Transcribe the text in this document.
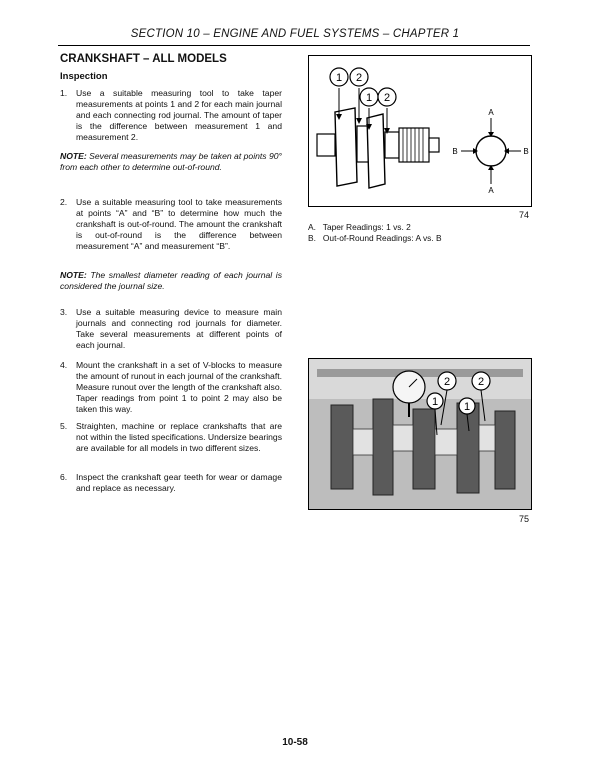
SECTION 10 – ENGINE AND FUEL SYSTEMS – CHAPTER 1
CRANKSHAFT – ALL MODELS
Inspection
1. Use a suitable measuring tool to take taper measurements at points 1 and 2 for each main journal and each connecting rod journal. The amount of taper is the difference between measurement 1 and measurement 2.
NOTE: Several measurements may be taken at points 90° from each other to determine out-of-round.
2. Use a suitable measuring tool to take measurements at points “A” and “B” to determine how much the crankshaft is out-of-round. The amount the crankshaft is out-of-round is the difference between measurement “A” and measurement “B”.
NOTE: The smallest diameter reading of each journal is considered the journal size.
3. Use a suitable measuring device to measure main journals and connecting rod journals for diameter. Take several measurements at different points of each journal.
4. Mount the crankshaft in a set of V-blocks to measure the amount of runout in each journal of the crankshaft. Measure runout over the length of the crankshaft also. Taper readings from point 1 to point 2 may also be taken this way.
5. Straighten, machine or replace crankshafts that are not within the listed specifications. Undersize bearings are available for all models in two different sizes.
6. Inspect the crankshaft gear teeth for wear or damage and replace as necessary.
1 2
1 2
A
A
B	B
74
A. Taper Readings: 1 vs. 2
B. Out-of-Round Readings: A vs. B
2	2
1 1
75
10-58
